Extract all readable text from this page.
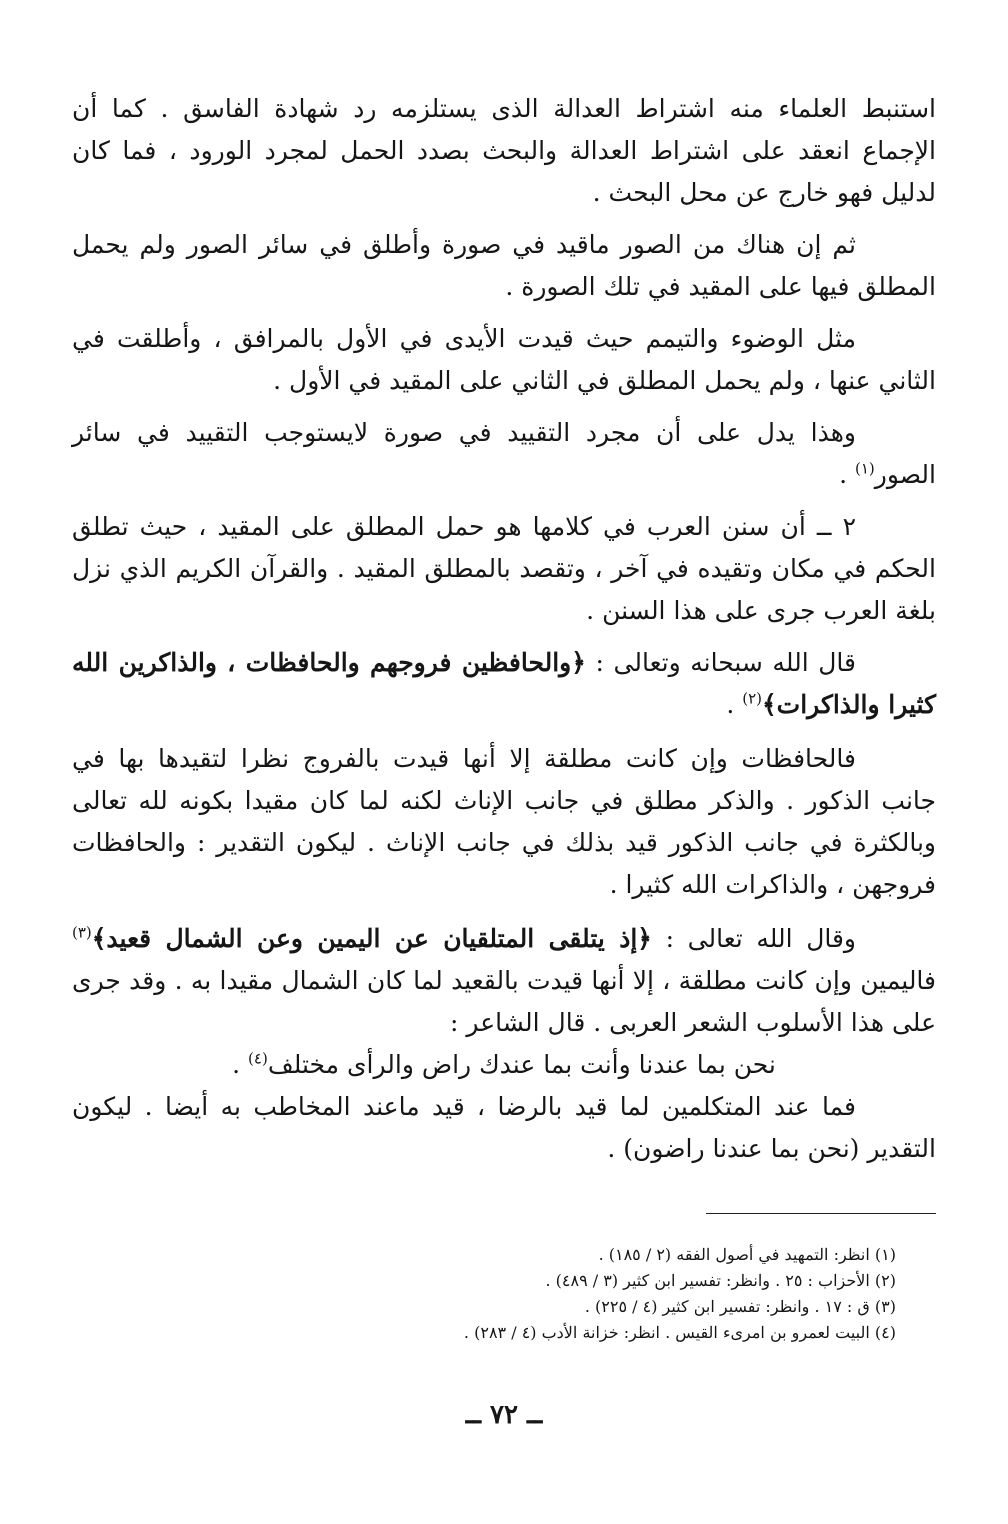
استنبط العلماء منه اشتراط العدالة الذى يستلزمه رد شهادة الفاسق . كما أن الإجماع انعقد على اشتراط العدالة والبحث بصدد الحمل لمجرد الورود ، فما كان لدليل فهو خارج عن محل البحث .

ثم إن هناك من الصور ماقيد في صورة وأطلق في سائر الصور ولم يحمل المطلق فيها على المقيد في تلك الصورة .

مثل الوضوء والتيمم حيث قيدت الأيدى في الأول بالمرافق ، وأطلقت في الثاني عنها ، ولم يحمل المطلق في الثاني على المقيد في الأول .

وهذا يدل على أن مجرد التقييد في صورة لايستوجب التقييد في سائر الصور$^{(١)}$ .

٢ ــ أن سنن العرب في كلامها هو حمل المطلق على المقيد ، حيث تطلق الحكم في مكان وتقيده في آخر ، وتقصد بالمطلق المقيد . والقرآن الكريم الذي نزل بلغة العرب جرى على هذا السنن .

قال الله سبحانه وتعالى : ﴿والحافظين فروجهم والحافظات ، والذاكرين الله كثيرا والذاكرات﴾$^{(٢)}$ .

فالحافظات وإن كانت مطلقة إلا أنها قيدت بالفروج نظرا لتقيدها بها في جانب الذكور . والذكر مطلق في جانب الإناث لكنه لما كان مقيدا بكونه لله تعالى وبالكثرة في جانب الذكور قيد بذلك في جانب الإناث . ليكون التقدير : والحافظات فروجهن ، والذاكرات الله كثيرا .

وقال الله تعالى : ﴿إذ يتلقى المتلقيان عن اليمين وعن الشمال قعيد﴾$^{(٣)}$ فاليمين وإن كانت مطلقة ، إلا أنها قيدت بالقعيد لما كان الشمال مقيدا به . وقد جرى على هذا الأسلوب الشعر العربى . قال الشاعر :

نحن بما عندنا وأنت بما عندك راض والرأى مختلف$^{(٤)}$ .

فما عند المتكلمين لما قيد بالرضا ، قيد ماعند المخاطب به أيضا . ليكون التقدير (نحن بما عندنا راضون) .

(١) انظر: التمهيد في أصول الفقه (٢ / ١٨٥) .
(٢) الأحزاب : ٢٥ . وانظر: تفسير ابن كثير (٣ / ٤٨٩) .
(٣) ق : ١٧ . وانظر: تفسير ابن كثير (٤ / ٢٢٥) .
(٤) البيت لعمرو بن امرىء القيس . انظر: خزانة الأدب (٤ / ٢٨٣) .
ــ ٧٢ ــ
